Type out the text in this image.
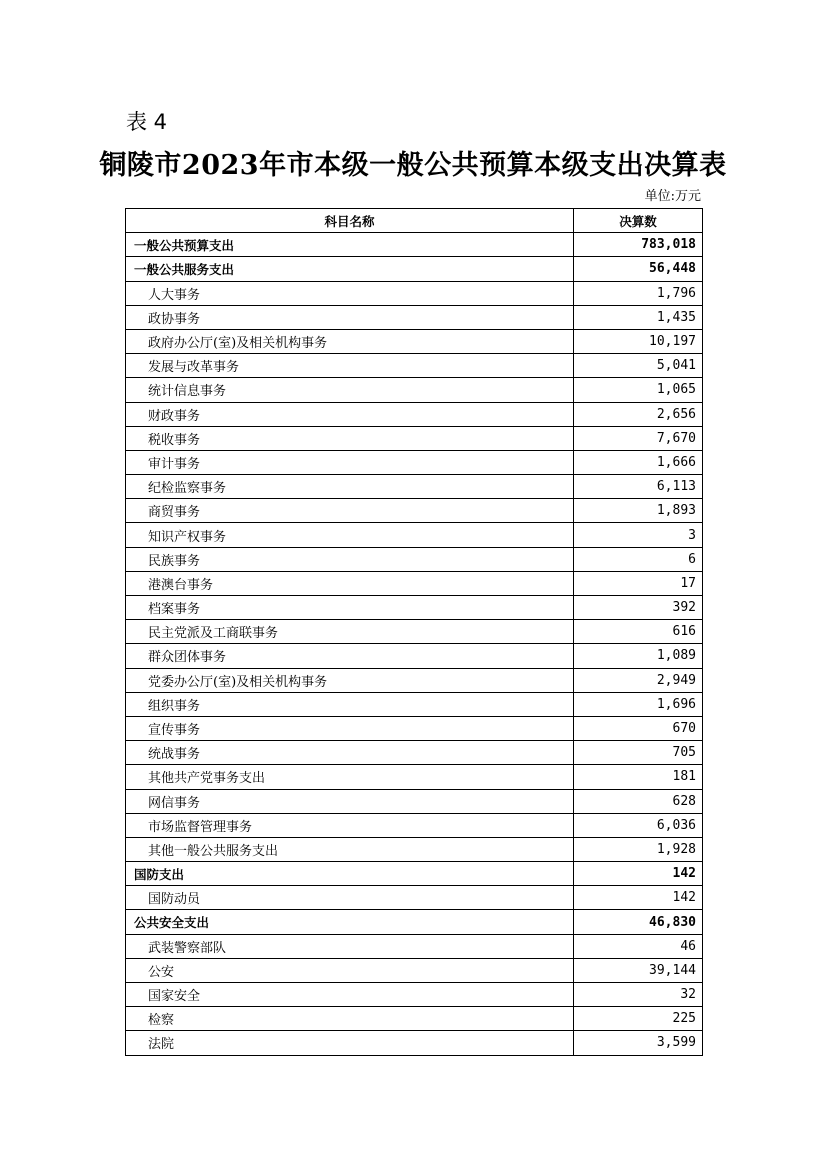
表 4
铜陵市2023年市本级一般公共预算本级支出决算表
单位:万元
科目名称	决算数
一般公共预算支出	783,018
一般公共服务支出	56,448
人大事务	1,796
政协事务	1,435
政府办公厅(室)及相关机构事务	10,197
发展与改革事务	5,041
统计信息事务	1,065
财政事务	2,656
税收事务	7,670
审计事务	1,666
纪检监察事务	6,113
商贸事务	1,893
知识产权事务	3
民族事务	6
港澳台事务	17
档案事务	392
民主党派及工商联事务	616
群众团体事务	1,089
党委办公厅(室)及相关机构事务	2,949
组织事务	1,696
宣传事务	670
统战事务	705
其他共产党事务支出	181
网信事务	628
市场监督管理事务	6,036
其他一般公共服务支出	1,928
国防支出	142
国防动员	142
公共安全支出	46,830
武装警察部队	46
公安	39,144
国家安全	32
检察	225
法院	3,599
